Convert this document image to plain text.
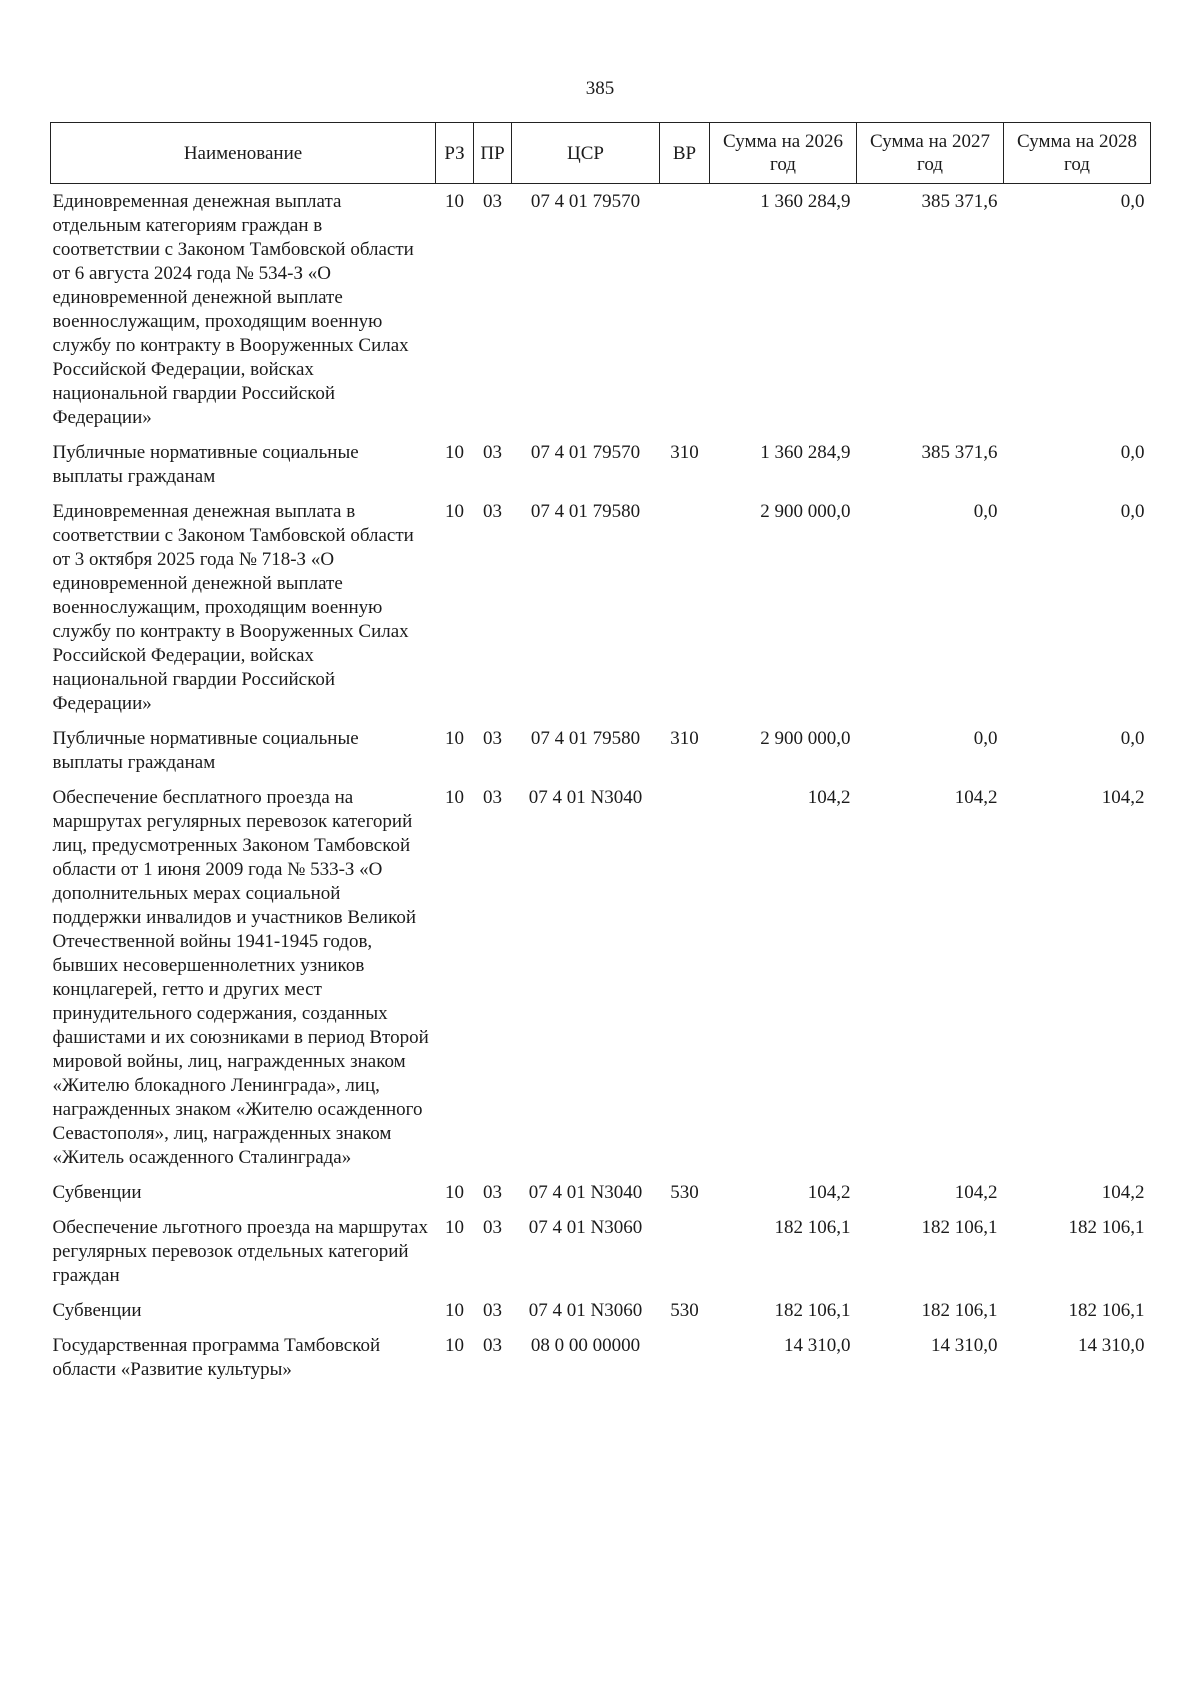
385
Наименование	РЗ	ПР	ЦСР	ВР	Сумма на 2026 год	Сумма на 2027 год	Сумма на 2028 год
Единовременная денежная выплата отдельным категориям граждан в соответствии с Законом Тамбовской области от 6 августа 2024 года № 534-З «О единовременной денежной выплате военнослужащим, проходящим военную службу по контракту в Вооруженных Силах Российской Федерации, войсках национальной гвардии Российской Федерации»	10	03	07 4 01 79570		1 360 284,9	385 371,6	0,0
Публичные нормативные социальные выплаты гражданам	10	03	07 4 01 79570	310	1 360 284,9	385 371,6	0,0
Единовременная денежная выплата в соответствии с Законом Тамбовской области от 3 октября 2025 года № 718-З «О единовременной денежной выплате военнослужащим, проходящим военную службу по контракту в Вооруженных Силах Российской Федерации, войсках национальной гвардии Российской Федерации»	10	03	07 4 01 79580		2 900 000,0	0,0	0,0
Публичные нормативные социальные выплаты гражданам	10	03	07 4 01 79580	310	2 900 000,0	0,0	0,0
Обеспечение бесплатного проезда на маршрутах регулярных перевозок категорий лиц, предусмотренных Законом Тамбовской области от 1 июня 2009 года № 533-З «О дополнительных мерах социальной поддержки инвалидов и участников Великой Отечественной войны 1941-1945 годов, бывших несовершеннолетних узников концлагерей, гетто и других мест принудительного содержания, созданных фашистами и их союзниками в период Второй мировой войны, лиц, награжденных знаком «Жителю блокадного Ленинграда», лиц, награжденных знаком «Жителю осажденного Севастополя», лиц, награжденных знаком «Житель осажденного Сталинграда»	10	03	07 4 01 N3040		104,2	104,2	104,2
Субвенции	10	03	07 4 01 N3040	530	104,2	104,2	104,2
Обеспечение льготного проезда на маршрутах регулярных перевозок отдельных категорий граждан	10	03	07 4 01 N3060		182 106,1	182 106,1	182 106,1
Субвенции	10	03	07 4 01 N3060	530	182 106,1	182 106,1	182 106,1
Государственная программа Тамбовской области «Развитие культуры»	10	03	08 0 00 00000		14 310,0	14 310,0	14 310,0
